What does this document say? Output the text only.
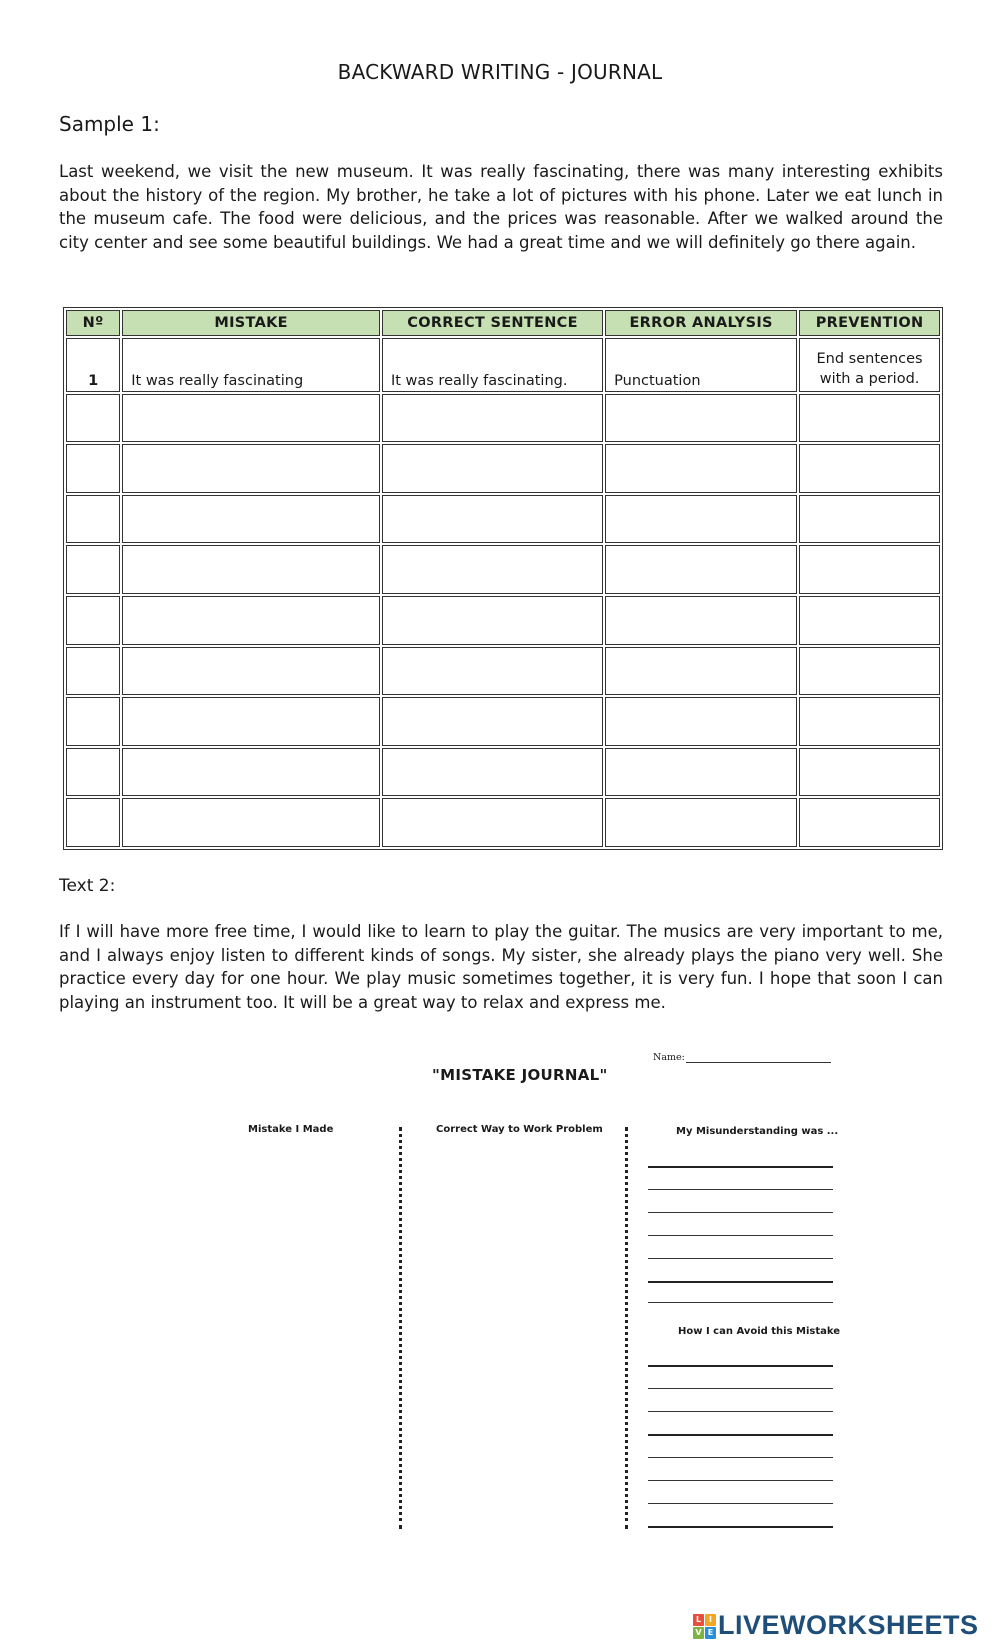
BACKWARD WRITING - JOURNAL
Sample 1:
Last weekend, we visit the new museum. It was really fascinating, there was many interesting exhibits about the history of the region. My brother, he take a lot of pictures with his phone. Later we eat lunch in the museum cafe. The food were delicious, and the prices was reasonable. After we walked around the city center and see some beautiful buildings. We had a great time and we will definitely go there again.
Nº	MISTAKE	CORRECT SENTENCE	ERROR ANALYSIS	PREVENTION
1	It was really fascinating	It was really fascinating.	Punctuation	End sentences with a period.

Text 2:
If I will have more free time, I would like to learn to play the guitar. The musics are very important to me, and I always enjoy listen to different kinds of songs. My sister, she already plays the piano very well. She practice every day for one hour. We play music sometimes together, it is very fun. I hope that soon I can playing an instrument too. It will be a great way to relax and express me.
Name:
"MISTAKE JOURNAL"
Mistake I Made	Correct Way to Work Problem	My Misunderstanding was ...
How I can Avoid this Mistake
L I
V E LIVEWORKSHEETS
